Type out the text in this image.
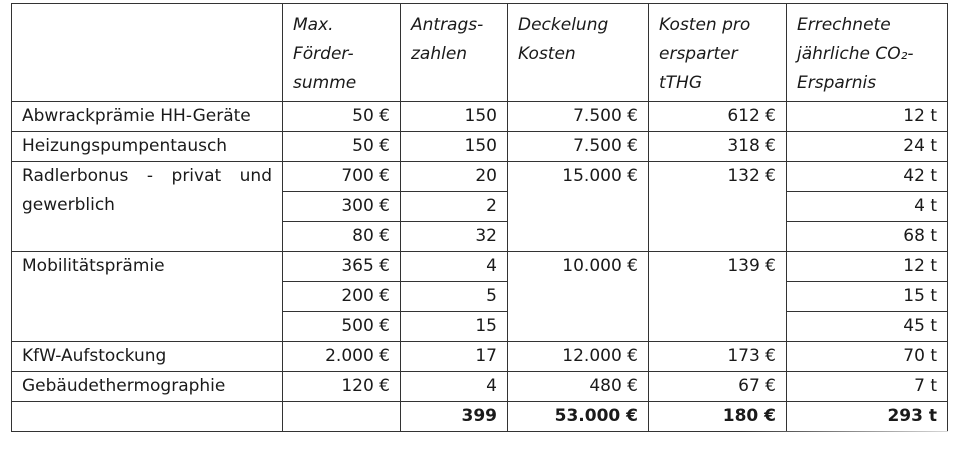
	Max. Förder-summe	Antrags-zahlen	Deckelung Kosten	Kosten pro ersparter tTHG	Errechnete jährliche CO₂-Ersparnis
Abwrackprämie HH-Geräte	50 €	150	7.500 €	612 €	12 t
Heizungspumpentausch	50 €	150	7.500 €	318 €	24 t
Radlerbonus - privat und gewerblich	700 €	20	15.000 €	132 €	42 t
	300 €	2			4 t
	80 €	32			68 t
Mobilitätsprämie	365 €	4	10.000 €	139 €	12 t
	200 €	5			15 t
	500 €	15			45 t
KfW-Aufstockung	2.000 €	17	12.000 €	173 €	70 t
Gebäudethermographie	120 €	4	480 €	67 €	7 t
		399	53.000 €	180 €	293 t
